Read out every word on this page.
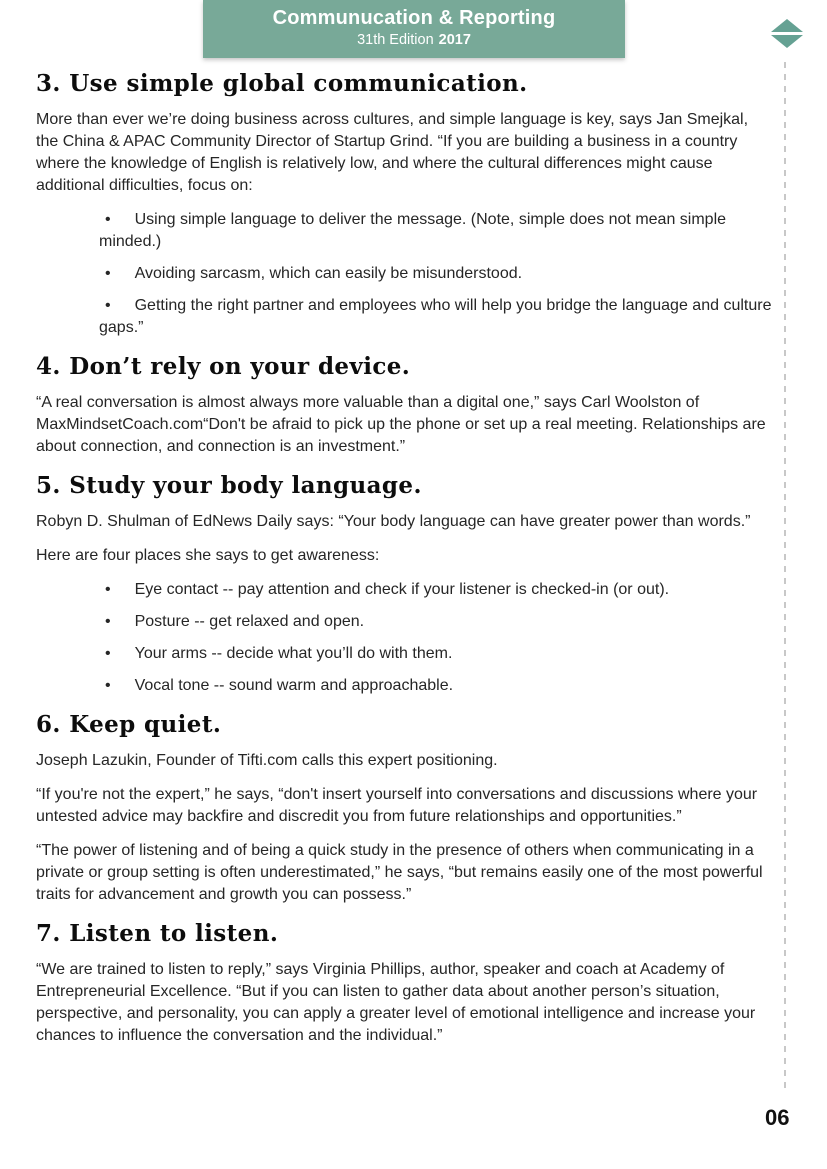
Communucation & Reporting
31th Edition 2017
06
3. Use simple global communication.

More than ever we’re doing business across cultures, and simple language is key, says Jan Smejkal, the China & APAC Community Director of Startup Grind. “If you are building a business in a country where the knowledge of English is relatively low, and where the cultural differences might cause additional difficulties, focus on:

• Using simple language to deliver the message. (Note, simple does not mean simple minded.)
• Avoiding sarcasm, which can easily be misunderstood.
• Getting the right partner and employees who will help you bridge the language and culture gaps.”
4. Don’t rely on your device.

“A real conversation is almost always more valuable than a digital one,” says Carl Woolston of MaxMindsetCoach.com“Don't be afraid to pick up the phone or set up a real meeting. Relationships are about connection, and connection is an investment.”

5. Study your body language.

Robyn D. Shulman of EdNews Daily says: “Your body language can have greater power than words.”

Here are four places she says to get awareness:

• Eye contact -- pay attention and check if your listener is checked-in (or out).
• Posture -- get relaxed and open.
• Your arms -- decide what you’ll do with them.
• Vocal tone -- sound warm and approachable.
6. Keep quiet.

Joseph Lazukin, Founder of Tifti.com calls this expert positioning.

“If you're not the expert,” he says, “don't insert yourself into conversations and discussions where your untested advice may backfire and discredit you from future relationships and opportunities.”

“The power of listening and of being a quick study in the presence of others when communicating in a private or group setting is often underestimated,” he says, “but remains easily one of the most powerful traits for advancement and growth you can possess.”

7. Listen to listen.

“We are trained to listen to reply,” says Virginia Phillips, author, speaker and coach at Academy of Entrepreneurial Excellence. “But if you can listen to gather data about another person’s situation, perspective, and personality, you can apply a greater level of emotional intelligence and increase your chances to influence the conversation and the individual.”
